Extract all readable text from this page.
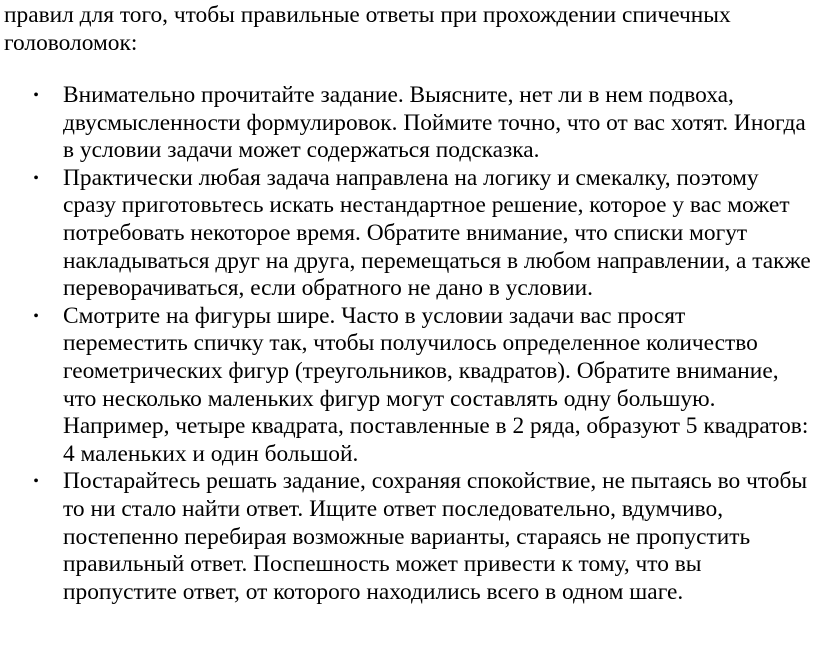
правил для того, чтобы правильные ответы при прохождении спичечных головоломок:

• Внимательно прочитайте задание. Выясните, нет ли в нем подвоха, двусмысленности формулировок. Поймите точно, что от вас хотят. Иногда в условии задачи может содержаться подсказка.
• Практически любая задача направлена на логику и смекалку, поэтому сразу приготовьтесь искать нестандартное решение, которое у вас может потребовать некоторое время. Обратите внимание, что списки могут накладываться друг на друга, перемещаться в любом направлении, а также переворачиваться, если обратного не дано в условии.
• Смотрите на фигуры шире. Часто в условии задачи вас просят переместить спичку так, чтобы получилось определенное количество геометрических фигур (треугольников, квадратов). Обратите внимание, что несколько маленьких фигур могут составлять одну большую. Например, четыре квадрата, поставленные в 2 ряда, образуют 5 квадратов: 4 маленьких и один большой.
• Постарайтесь решать задание, сохраняя спокойствие, не пытаясь во чтобы то ни стало найти ответ. Ищите ответ последовательно, вдумчиво, постепенно перебирая возможные варианты, стараясь не пропустить правильный ответ. Поспешность может привести к тому, что вы пропустите ответ, от которого находились всего в одном шаге.
